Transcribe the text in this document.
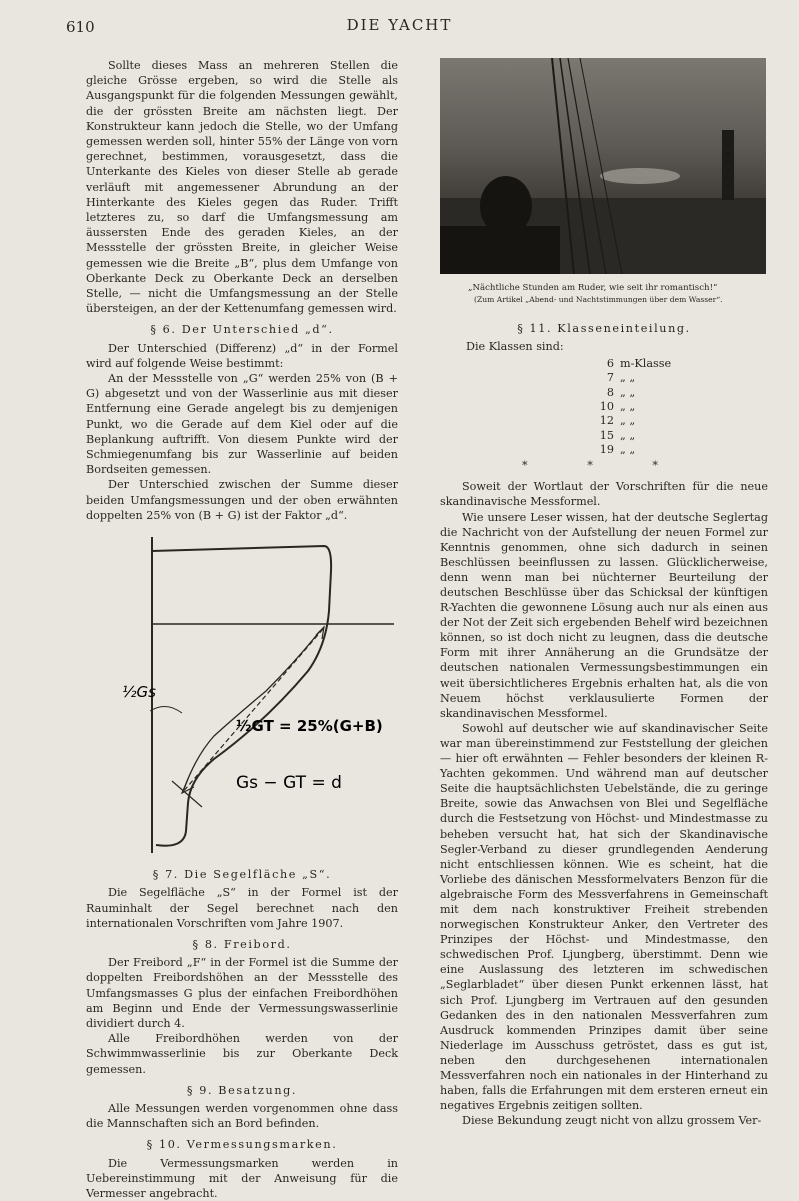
610	DIE YACHT

Sollte dieses Mass an mehreren Stellen die gleiche Grösse ergeben, so wird die Stelle als Ausgangspunkt für die folgenden Messungen gewählt, die der grössten Breite am nächsten liegt. Der Konstrukteur kann jedoch die Stelle, wo der Umfang gemessen werden soll, hinter 55% der Länge von vorn gerechnet, bestimmen, vorausgesetzt, dass die Unterkante des Kieles von dieser Stelle ab gerade verläuft mit angemessener Abrundung an der Hinterkante des Kieles gegen das Ruder. Trifft letzteres zu, so darf die Umfangsmessung am äussersten Ende des geraden Kieles, an der Messstelle der grössten Breite, in gleicher Weise gemessen wie die Breite „B“, plus dem Umfange von Oberkante Deck zu Oberkante Deck an derselben Stelle, — nicht die Umfangsmessung an der Stelle übersteigen, an der der Kettenumfang gemessen wird.

§ 6. Der Unterschied „d“.

Der Unterschied (Differenz) „d“ in der Formel wird auf folgende Weise bestimmt:

An der Messstelle von „G“ werden 25% von (B + G) abgesetzt und von der Wasserlinie aus mit dieser Entfernung eine Gerade angelegt bis zu demjenigen Punkt, wo die Gerade auf dem Kiel oder auf die Beplankung auftrifft. Von diesem Punkte wird der Schmiegenumfang bis zur Wasserlinie auf beiden Bordseiten gemessen.

Der Unterschied zwischen der Summe dieser beiden Umfangsmessungen und der oben erwähnten doppelten 25% von (B + G) ist der Faktor „d“.

½Gs
½GT = 25%(G+B)
Gs − GT = d
§ 7. Die Segelfläche „S“.

Die Segelfläche „S“ in der Formel ist der Rauminhalt der Segel berechnet nach den internationalen Vorschriften vom Jahre 1907.

§ 8. Freibord.

Der Freibord „F“ in der Formel ist die Summe der doppelten Freibordshöhen an der Messstelle des Umfangsmasses G plus der einfachen Freibordhöhen am Beginn und Ende der Vermessungswasserlinie dividiert durch 4.

Alle Freibordhöhen werden von der Schwimmwasserlinie bis zur Oberkante Deck gemessen.

§ 9. Besatzung.

Alle Messungen werden vorgenommen ohne dass die Mannschaften sich an Bord befinden.

§ 10. Vermessungsmarken.

Die Vermessungsmarken werden in Uebereinstimmung mit der Anweisung für die Vermesser angebracht.

„Nächtliche Stunden am Ruder, wie seit ihr romantisch!“
(Zum Artikel „Abend- und Nachtstimmungen über dem Wasser“.
§ 11. Klasseneinteilung.

Die Klassen sind:

6 m-Klasse
7 „ „
8 „ „
10 „ „
12 „ „
15 „ „
19 „ „
* * *

Soweit der Wortlaut der Vorschriften für die neue skandinavische Messformel.

Wie unsere Leser wissen, hat der deutsche Seglertag die Nachricht von der Aufstellung der neuen Formel zur Kenntnis genommen, ohne sich dadurch in seinen Beschlüssen beeinflussen zu lassen. Glücklicherweise, denn wenn man bei nüchterner Beurteilung der deutschen Beschlüsse über das Schicksal der künftigen R-Yachten die gewonnene Lösung auch nur als einen aus der Not der Zeit sich ergebenden Behelf wird bezeichnen können, so ist doch nicht zu leugnen, dass die deutsche Form mit ihrer Annäherung an die Grundsätze der deutschen nationalen Vermessungsbestimmungen ein weit übersichtlicheres Ergebnis erhalten hat, als die von Neuem höchst verklausulierte Formen der skandinavischen Messformel.

Sowohl auf deutscher wie auf skandinavischer Seite war man übereinstimmend zur Feststellung der gleichen — hier oft erwähnten — Fehler besonders der kleinen R-Yachten gekommen. Und während man auf deutscher Seite die hauptsächlichsten Uebelstände, die zu geringe Breite, sowie das Anwachsen von Blei und Segelfläche durch die Festsetzung von Höchst- und Mindestmasse zu beheben versucht hat, hat sich der Skandinavische Segler-Verband zu dieser grundlegenden Aenderung nicht entschliessen können. Wie es scheint, hat die Vorliebe des dänischen Messformelvaters Benzon für die algebraische Form des Messverfahrens in Gemeinschaft mit dem nach konstruktiver Freiheit strebenden norwegischen Konstrukteur Anker, den Vertreter des Prinzipes der Höchst- und Mindestmasse, den schwedischen Prof. Ljungberg, überstimmt. Denn wie eine Auslassung des letzteren im schwedischen „Seglarbladet“ über diesen Punkt erkennen lässt, hat sich Prof. Ljungberg im Vertrauen auf den gesunden Gedanken des in den nationalen Messverfahren zum Ausdruck kommenden Prinzipes damit über seine Niederlage im Ausschuss getröstet, dass es gut ist, neben den durchgesehenen internationalen Messverfahren noch ein nationales in der Hinterhand zu haben, falls die Erfahrungen mit dem ersteren erneut ein negatives Ergebnis zeitigen sollten.

Diese Bekundung zeugt nicht von allzu grossem Ver-
